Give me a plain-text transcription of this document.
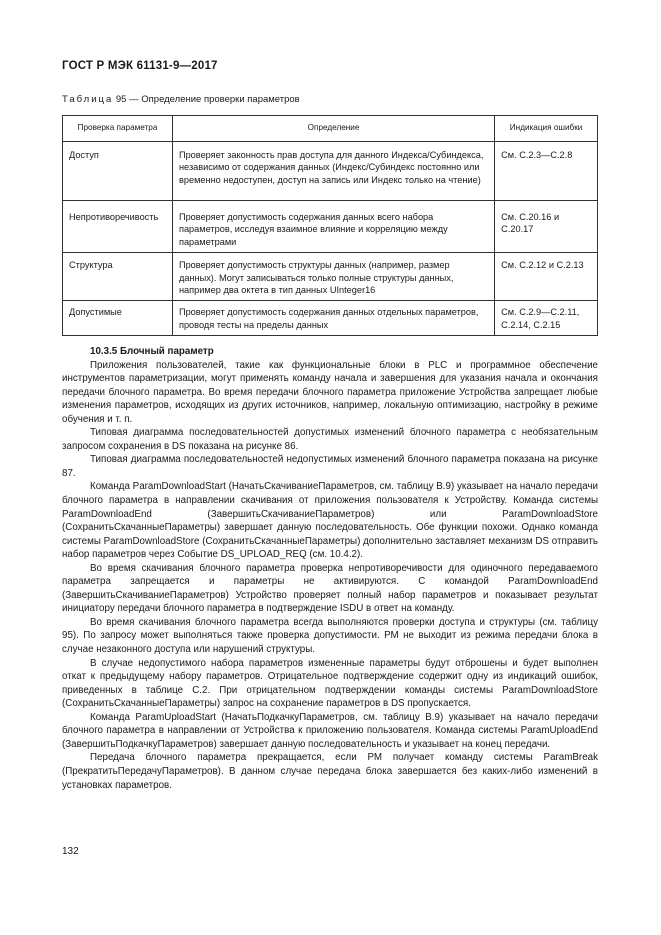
ГОСТ Р МЭК 61131-9—2017
Таблица 95 — Определение проверки параметров
Проверка параметра	Определение	Индикация ошибки
Доступ	Проверяет законность прав доступа для данного Индекса/Субиндекса, независимо от содержания данных (Индекс/Субиндекс постоянно или временно недоступен, доступ на запись или Индекс только на чтение)	См. С.2.3—С.2.8
Непротиворечивость	Проверяет допустимость содержания данных всего набора параметров, исследуя взаимное влияние и корреляцию между параметрами	См. С.20.16 и С.20.17
Структура	Проверяет допустимость структуры данных (например, размер данных). Могут записываться только полные структуры данных, например два октета в тип данных UInteger16	См. С.2.12 и С.2.13
Допустимые	Проверяет допустимость содержания данных отдельных параметров, проводя тесты на пределы данных	См. С.2.9—С.2.11, С.2.14, С.2.15
10.3.5 Блочный параметр

Приложения пользователей, такие как функциональные блоки в PLC и программное обеспечение инструментов параметризации, могут применять команду начала и завершения для указания начала и окончания передачи блочного параметра. Во время передачи блочного параметра приложение Устройства запрещает любые изменения параметров, исходящих из других источников, например, локальную оптимизацию, настройку в режиме обучения и т. п.

Типовая диаграмма последовательностей допустимых изменений блочного параметра с необязательным запросом сохранения в DS показана на рисунке 86.

Типовая диаграмма последовательностей недопустимых изменений блочного параметра показана на рисунке 87.

Команда ParamDownloadStart (НачатьСкачиваниеПараметров, см. таблицу В.9) указывает на начало передачи блочного параметра в направлении скачивания от приложения пользователя к Устройству. Команда системы ParamDownloadEnd (ЗавершитьСкачиваниеПараметров) или ParamDownloadStore (СохранитьСкачанныеПараметры) завершает данную последовательность. Обе функции похожи. Однако команда системы ParamDownloadStore (СохранитьСкачанныеПараметры) дополнительно заставляет механизм DS отправить набор параметров через Событие DS_UPLOAD_REQ (см. 10.4.2).

Во время скачивания блочного параметра проверка непротиворечивости для одиночного передаваемого параметра запрещается и параметры не активируются. С командой ParamDownloadEnd (ЗавершитьСкачиваниеПараметров) Устройство проверяет полный набор параметров и показывает результат инициатору передачи блочного параметра в подтверждение ISDU в ответ на команду.

Во время скачивания блочного параметра всегда выполняются проверки доступа и структуры (см. таблицу 95). По запросу может выполняться также проверка допустимости. РМ не выходит из режима передачи блока в случае незаконного доступа или нарушений структуры.

В случае недопустимого набора параметров измененные параметры будут отброшены и будет выполнен откат к предыдущему набору параметров. Отрицательное подтверждение содержит одну из индикаций ошибок, приведенных в таблице С.2. При отрицательном подтверждении команды системы ParamDownloadStore (СохранитьСкачанныеПараметры) запрос на сохранение параметров в DS пропускается.

Команда ParamUploadStart (НачатьПодкачкуПараметров, см. таблицу В.9) указывает на начало передачи блочного параметра в направлении от Устройства к приложению пользователя. Команда системы ParamUploadEnd (ЗавершитьПодкачкуПараметров) завершает данную последовательность и указывает на конец передачи.

Передача блочного параметра прекращается, если РМ получает команду системы ParamBreak (ПрекратитьПередачуПараметров). В данном случае передача блока завершается без каких-либо изменений в установках параметров.

132
